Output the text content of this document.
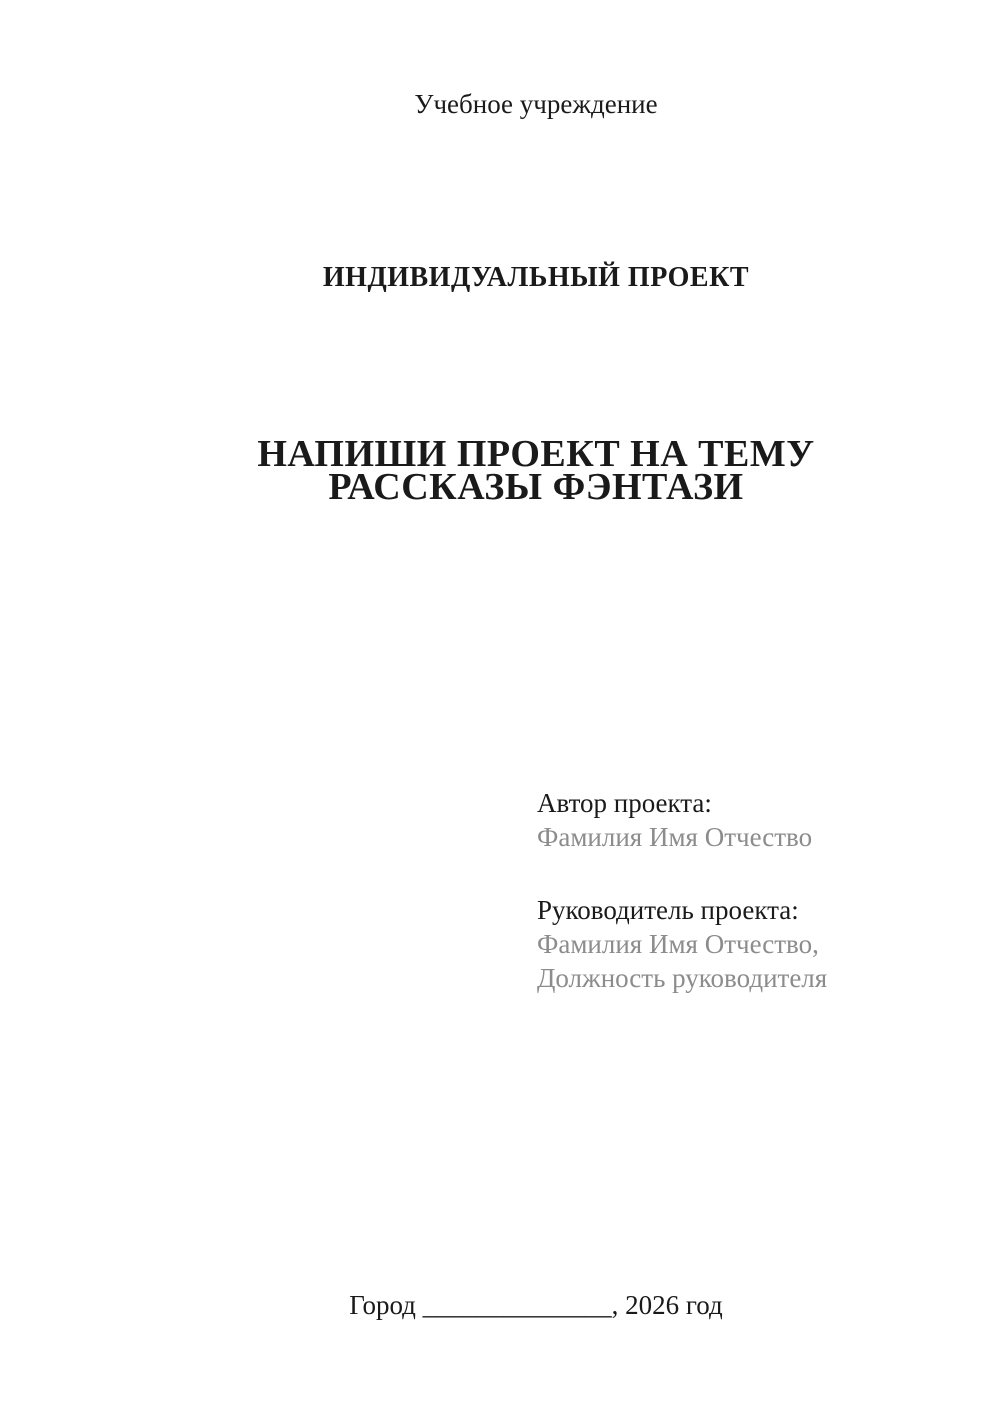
Учебное учреждение
ИНДИВИДУАЛЬНЫЙ ПРОЕКТ
НАПИШИ ПРОЕКТ НА ТЕМУ
РАССКАЗЫ ФЭНТАЗИ
Автор проекта:
Фамилия Имя Отчество
Руководитель проекта:
Фамилия Имя Отчество,
Должность руководителя
Город ______________, 2026 год
